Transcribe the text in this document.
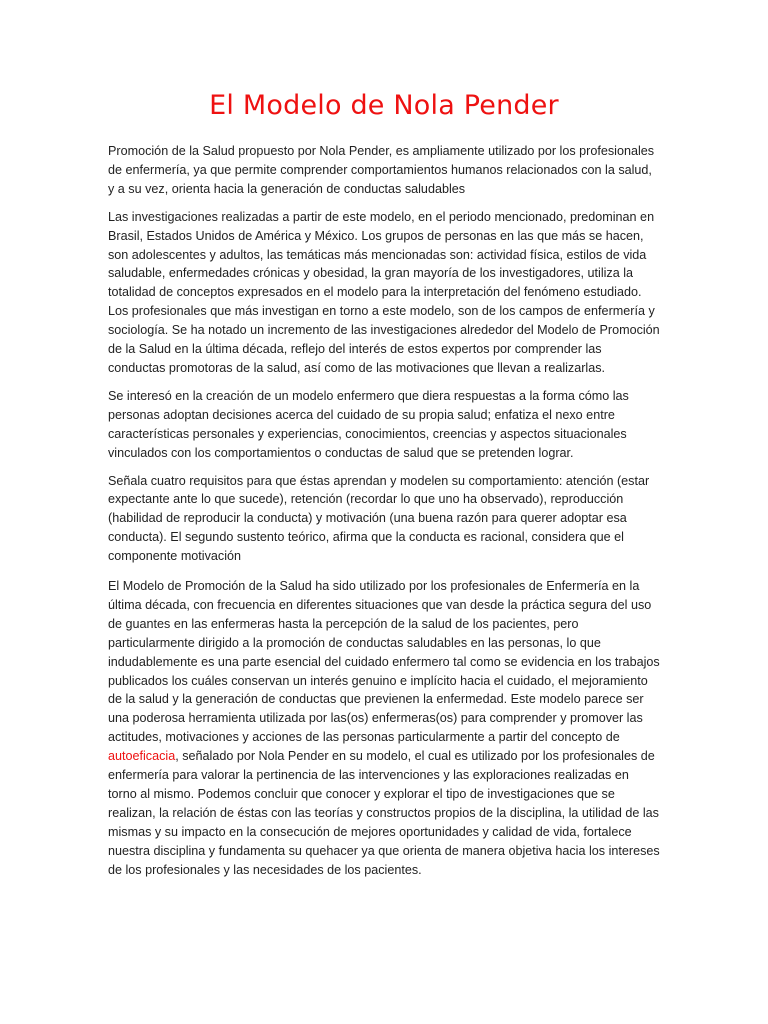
El Modelo de Nola Pender

Promoción de la Salud propuesto por Nola Pender, es ampliamente utilizado por los profesionales de enfermería, ya que permite comprender comportamientos humanos relacionados con la salud, y a su vez, orienta hacia la generación de conductas saludables

Las investigaciones realizadas a partir de este modelo, en el periodo mencionado, predominan en Brasil, Estados Unidos de América y México. Los grupos de personas en las que más se hacen, son adolescentes y adultos, las temáticas más mencionadas son: actividad física, estilos de vida saludable, enfermedades crónicas y obesidad, la gran mayoría de los investigadores, utiliza la totalidad de conceptos expresados en el modelo para la interpretación del fenómeno estudiado. Los profesionales que más investigan en torno a este modelo, son de los campos de enfermería y sociología. Se ha notado un incremento de las investigaciones alrededor del Modelo de Promoción de la Salud en la última década, reflejo del interés de estos expertos por comprender las conductas promotoras de la salud, así como de las motivaciones que llevan a realizarlas.

Se interesó en la creación de un modelo enfermero que diera respuestas a la forma cómo las personas adoptan decisiones acerca del cuidado de su propia salud; enfatiza el nexo entre características personales y experiencias, conocimientos, creencias y aspectos situacionales vinculados con los comportamientos o conductas de salud que se pretenden lograr.

Señala cuatro requisitos para que éstas aprendan y modelen su comportamiento: atención (estar expectante ante lo que sucede), retención (recordar lo que uno ha observado), reproducción (habilidad de reproducir la conducta) y motivación (una buena razón para querer adoptar esa conducta). El segundo sustento teórico, afirma que la conducta es racional, considera que el componente motivación

El Modelo de Promoción de la Salud ha sido utilizado por los profesionales de Enfermería en la última década, con frecuencia en diferentes situaciones que van desde la práctica segura del uso de guantes en las enfermeras hasta la percepción de la salud de los pacientes, pero particularmente dirigido a la promoción de conductas saludables en las personas, lo que indudablemente es una parte esencial del cuidado enfermero tal como se evidencia en los trabajos publicados los cuáles conservan un interés genuino e implícito hacia el cuidado, el mejoramiento de la salud y la generación de conductas que previenen la enfermedad. Este modelo parece ser una poderosa herramienta utilizada por las(os) enfermeras(os) para comprender y promover las actitudes, motivaciones y acciones de las personas particularmente a partir del concepto de autoeficacia, señalado por Nola Pender en su modelo, el cual es utilizado por los profesionales de enfermería para valorar la pertinencia de las intervenciones y las exploraciones realizadas en torno al mismo. Podemos concluir que conocer y explorar el tipo de investigaciones que se realizan, la relación de éstas con las teorías y constructos propios de la disciplina, la utilidad de las mismas y su impacto en la consecución de mejores oportunidades y calidad de vida, fortalece nuestra disciplina y fundamenta su quehacer ya que orienta de manera objetiva hacia los intereses de los profesionales y las necesidades de los pacientes.
